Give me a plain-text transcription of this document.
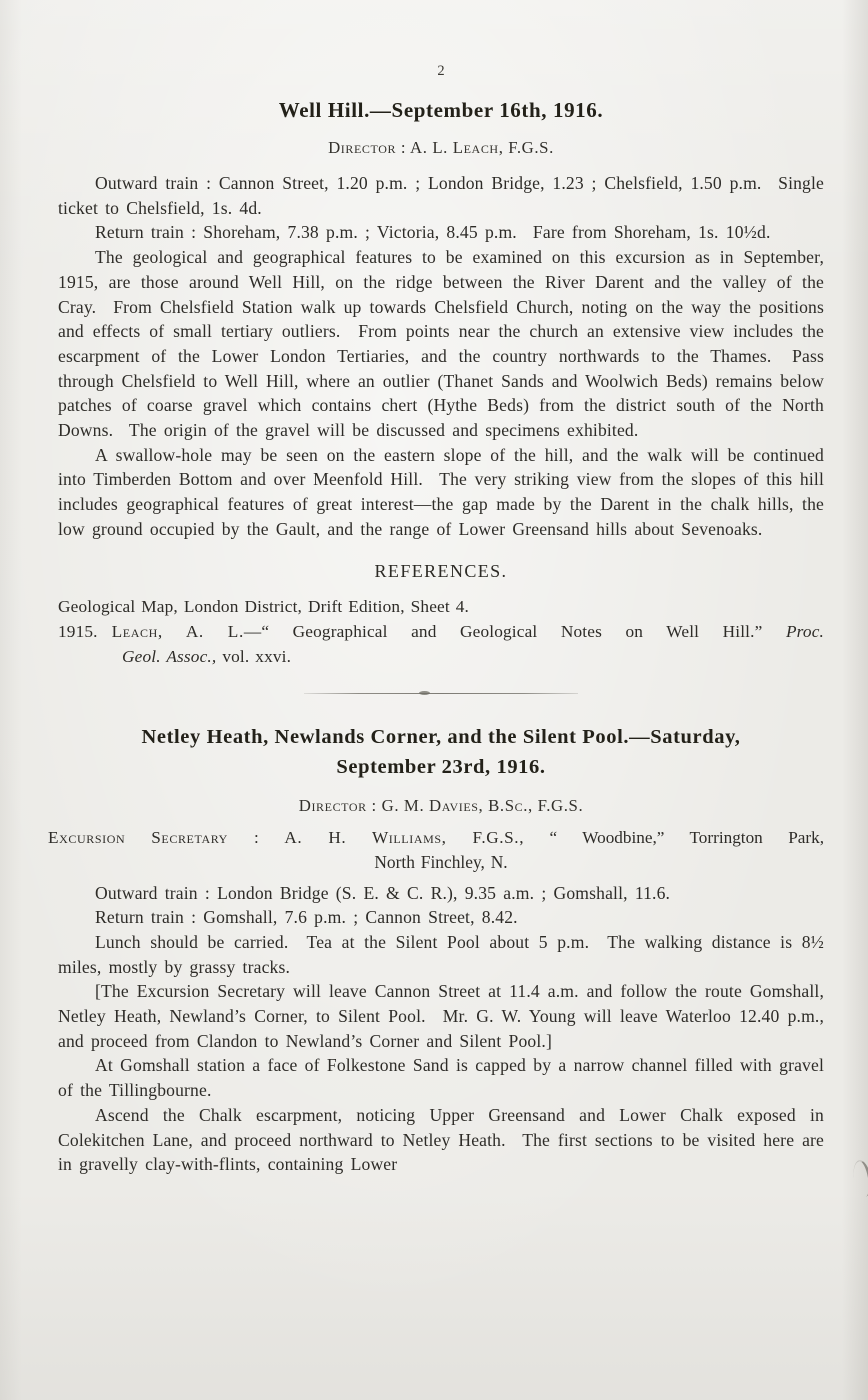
2
Well Hill.—September 16th, 1916.
Director : A. L. Leach, F.G.S.

Outward train : Cannon Street, 1.20 p.m. ; London Bridge, 1.23 ; Chelsfield, 1.50 p.m.  Single ticket to Chelsfield, 1s. 4d.

Return train : Shoreham, 7.38 p.m. ; Victoria, 8.45 p.m.  Fare from Shoreham, 1s. 10½d.

The geological and geographical features to be examined on this excursion as in September, 1915, are those around Well Hill, on the ridge between the River Darent and the valley of the Cray.  From Chelsfield Station walk up towards Chelsfield Church, noting on the way the positions and effects of small tertiary outliers.  From points near the church an extensive view includes the escarpment of the Lower London Tertiaries, and the country northwards to the Thames.  Pass through Chelsfield to Well Hill, where an outlier (Thanet Sands and Woolwich Beds) remains below patches of coarse gravel which contains chert (Hythe Beds) from the district south of the North Downs.  The origin of the gravel will be discussed and specimens exhibited.

A swallow-hole may be seen on the eastern slope of the hill, and the walk will be continued into Timberden Bottom and over Meenfold Hill.  The very striking view from the slopes of this hill includes geographical features of great interest—the gap made by the Darent in the chalk hills, the low ground occupied by the Gault, and the range of Lower Greensand hills about Sevenoaks.

REFERENCES.

Geological Map, London District, Drift Edition, Sheet 4.

1915. Leach, A. L.—“ Geographical and Geological Notes on Well Hill.” Proc.
Geol. Assoc., vol. xxvi.
Netley Heath, Newlands Corner, and the Silent Pool.—Saturday,
September 23rd, 1916.
Director : G. M. Davies, B.Sc., F.G.S.
Excursion Secretary : A. H. Williams, F.G.S., “ Woodbine,” Torrington Park,

North Finchley, N.

Outward train : London Bridge (S. E. & C. R.), 9.35 a.m. ; Gomshall, 11.6.

Return train : Gomshall, 7.6 p.m. ; Cannon Street, 8.42.

Lunch should be carried.  Tea at the Silent Pool about 5 p.m.  The walking distance is 8½ miles, mostly by grassy tracks.

[The Excursion Secretary will leave Cannon Street at 11.4 a.m. and follow the route Gomshall, Netley Heath, Newland’s Corner, to Silent Pool.  Mr. G. W. Young will leave Waterloo 12.40 p.m., and proceed from Clandon to Newland’s Corner and Silent Pool.]

At Gomshall station a face of Folkestone Sand is capped by a narrow channel filled with gravel of the Tillingbourne.

Ascend the Chalk escarpment, noticing Upper Greensand and Lower Chalk exposed in Colekitchen Lane, and proceed northward to Netley Heath.  The first sections to be visited here are in gravelly clay-with-flints, containing Lower
